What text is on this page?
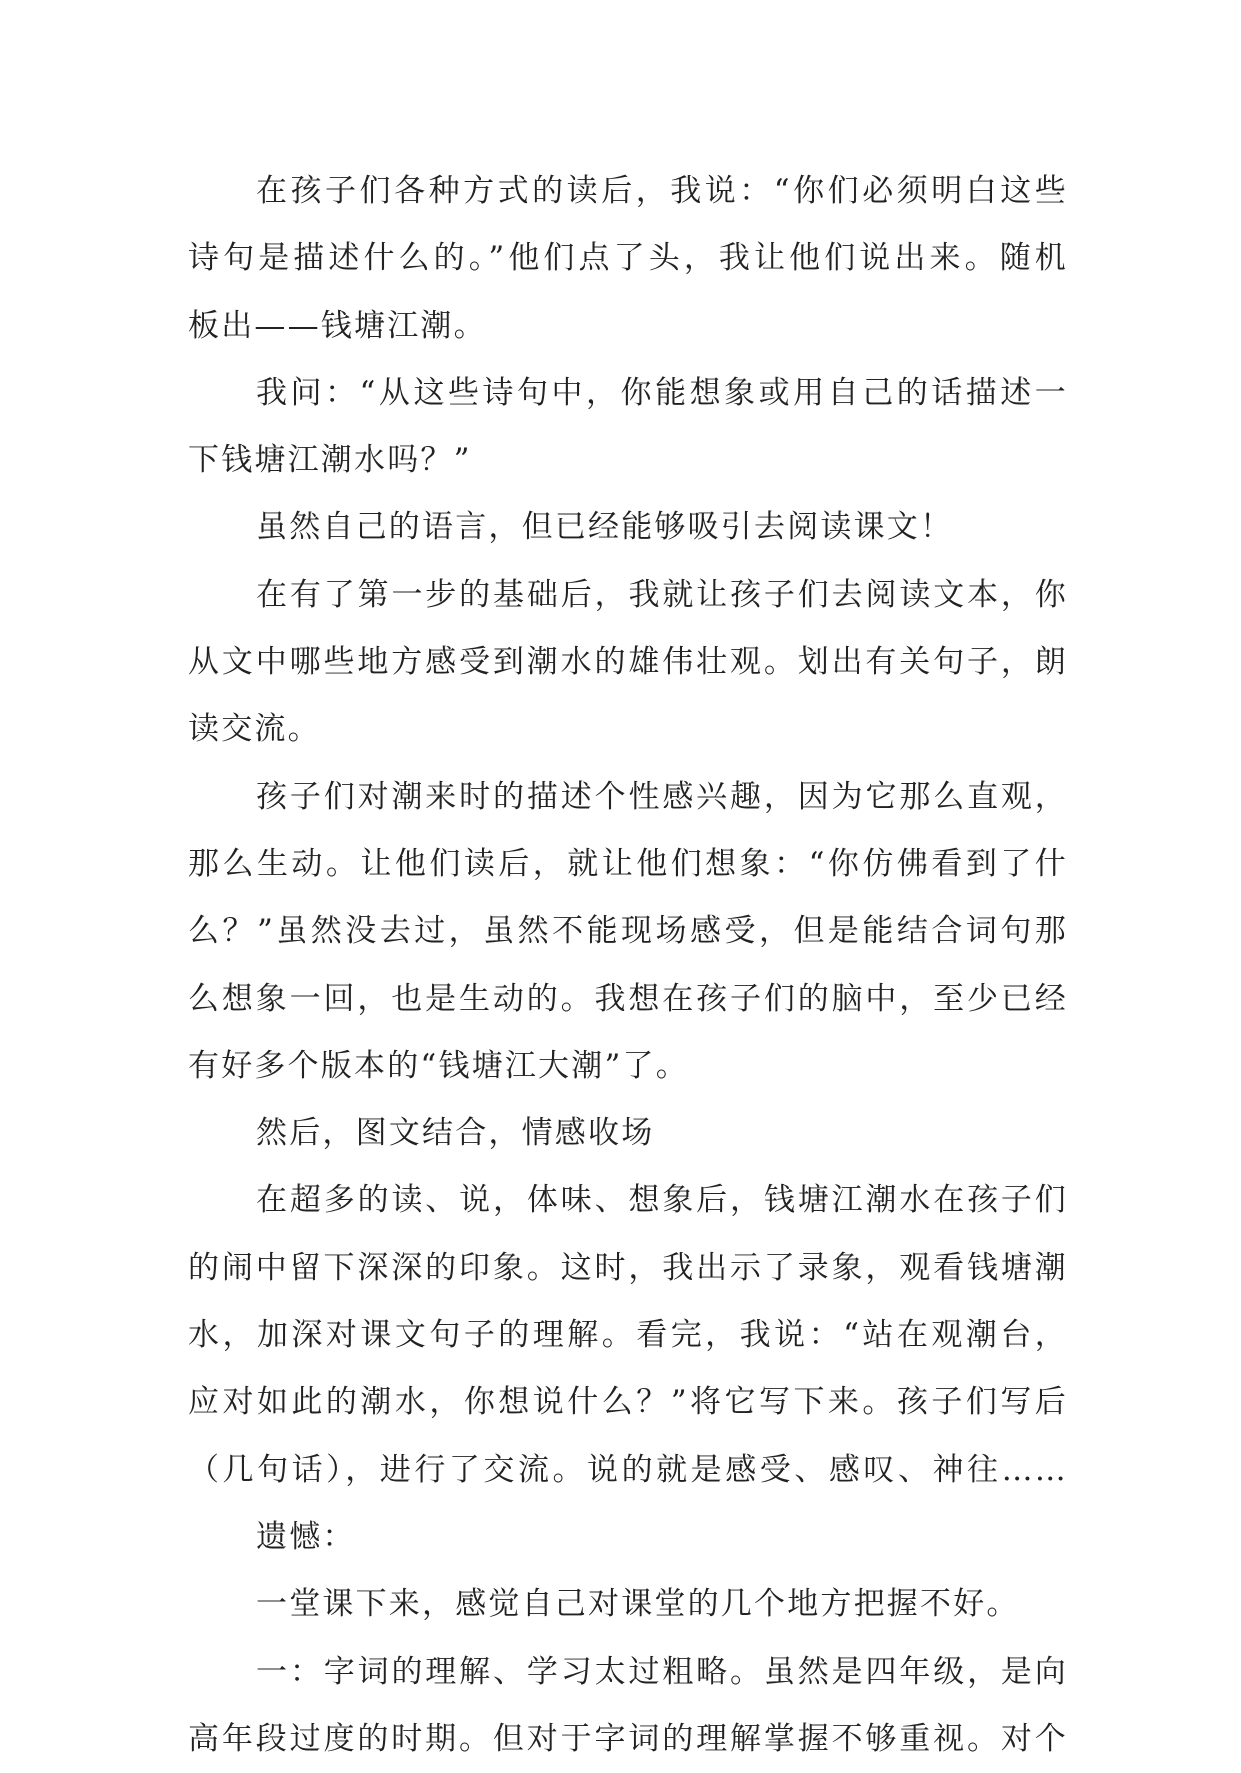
在孩子们各种方式的读后，我说：“你们必须明白这些
诗句是描述什么的。”他们点了头，我让他们说出来。随机
板出——钱塘江潮。
我问：“从这些诗句中，你能想象或用自己的话描述一
下钱塘江潮水吗？”
虽然自己的语言，但已经能够吸引去阅读课文！
在有了第一步的基础后，我就让孩子们去阅读文本，你
从文中哪些地方感受到潮水的雄伟壮观。划出有关句子，朗
读交流。
孩子们对潮来时的描述个性感兴趣，因为它那么直观，
那么生动。让他们读后，就让他们想象：“你仿佛看到了什
么？”虽然没去过，虽然不能现场感受，但是能结合词句那
么想象一回，也是生动的。我想在孩子们的脑中，至少已经
有好多个版本的“钱塘江大潮”了。
然后，图文结合，情感收场
在超多的读、说，体味、想象后，钱塘江潮水在孩子们
的闹中留下深深的印象。这时，我出示了录象，观看钱塘潮
水，加深对课文句子的理解。看完，我说：“站在观潮台，
应对如此的潮水，你想说什么？”将它写下来。孩子们写后
（几句话），进行了交流。说的就是感受、感叹、神往……
遗憾：
一堂课下来，感觉自己对课堂的几个地方把握不好。
一：字词的理解、学习太过粗略。虽然是四年级，是向
高年段过度的时期。但对于字词的理解掌握不够重视。对个
